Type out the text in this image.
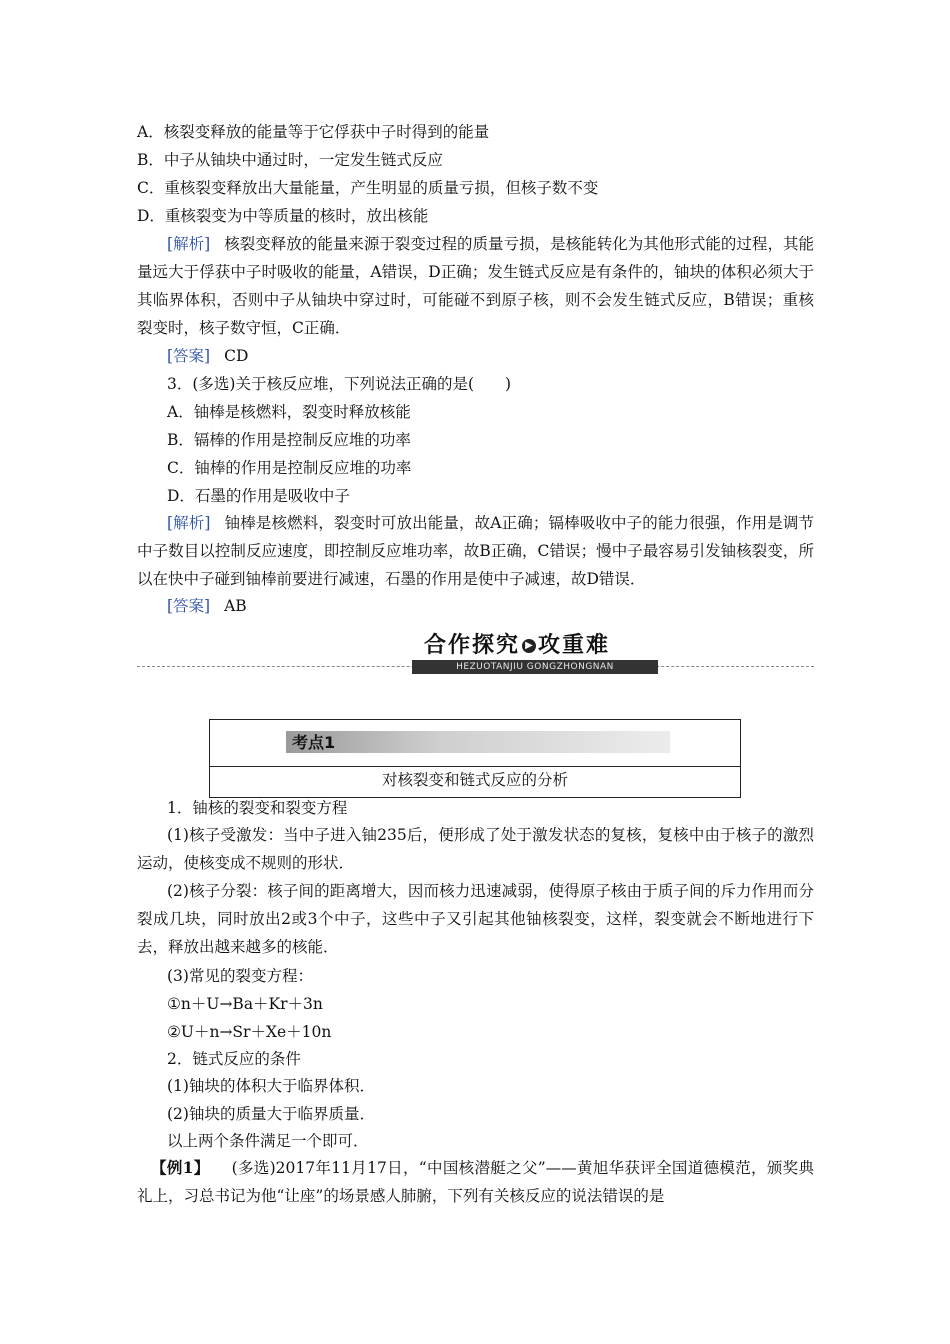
A．核裂变释放的能量等于它俘获中子时得到的能量
B．中子从铀块中通过时，一定发生链式反应
C．重核裂变释放出大量能量，产生明显的质量亏损，但核子数不变
D．重核裂变为中等质量的核时，放出核能
[解析] 核裂变释放的能量来源于裂变过程的质量亏损，是核能转化为其他形式能的过程，其能量远大于俘获中子时吸收的能量，A错误，D正确；发生链式反应是有条件的，铀块的体积必须大于其临界体积，否则中子从铀块中穿过时，可能碰不到原子核，则不会发生链式反应，B错误；重核裂变时，核子数守恒，C正确．
[答案] CD
3．(多选)关于核反应堆，下列说法正确的是(　　)
A．铀棒是核燃料，裂变时释放核能
B．镉棒的作用是控制反应堆的功率
C．铀棒的作用是控制反应堆的功率
D．石墨的作用是吸收中子
[解析] 铀棒是核燃料，裂变时可放出能量，故A正确；镉棒吸收中子的能力很强，作用是调节中子数目以控制反应速度，即控制反应堆功率，故B正确，C错误；慢中子最容易引发铀核裂变，所以在快中子碰到铀棒前要进行减速，石墨的作用是使中子减速，故D错误．
[答案] AB
合作探究 ▶ 攻重难
HEZUOTANJIU GONGZHONGNAN
考点1
对核裂变和链式反应的分析
1．铀核的裂变和裂变方程
(1)核子受激发：当中子进入铀235后，便形成了处于激发状态的复核，复核中由于核子的激烈运动，使核变成不规则的形状．
(2)核子分裂：核子间的距离增大，因而核力迅速减弱，使得原子核由于质子间的斥力作用而分裂成几块，同时放出2或3个中子，这些中子又引起其他铀核裂变，这样，裂变就会不断地进行下去，释放出越来越多的核能．
(3)常见的裂变方程：
①n＋U→Ba＋Kr＋3n
②U＋n→Sr＋Xe＋10n
2．链式反应的条件
(1)铀块的体积大于临界体积．
(2)铀块的质量大于临界质量．
以上两个条件满足一个即可．
【例1】 (多选)2017年11月17日，“中国核潜艇之父”——黄旭华获评全国道德模范，颁奖典礼上，习总书记为他“让座”的场景感人肺腑，下列有关核反应的说法错误的是
